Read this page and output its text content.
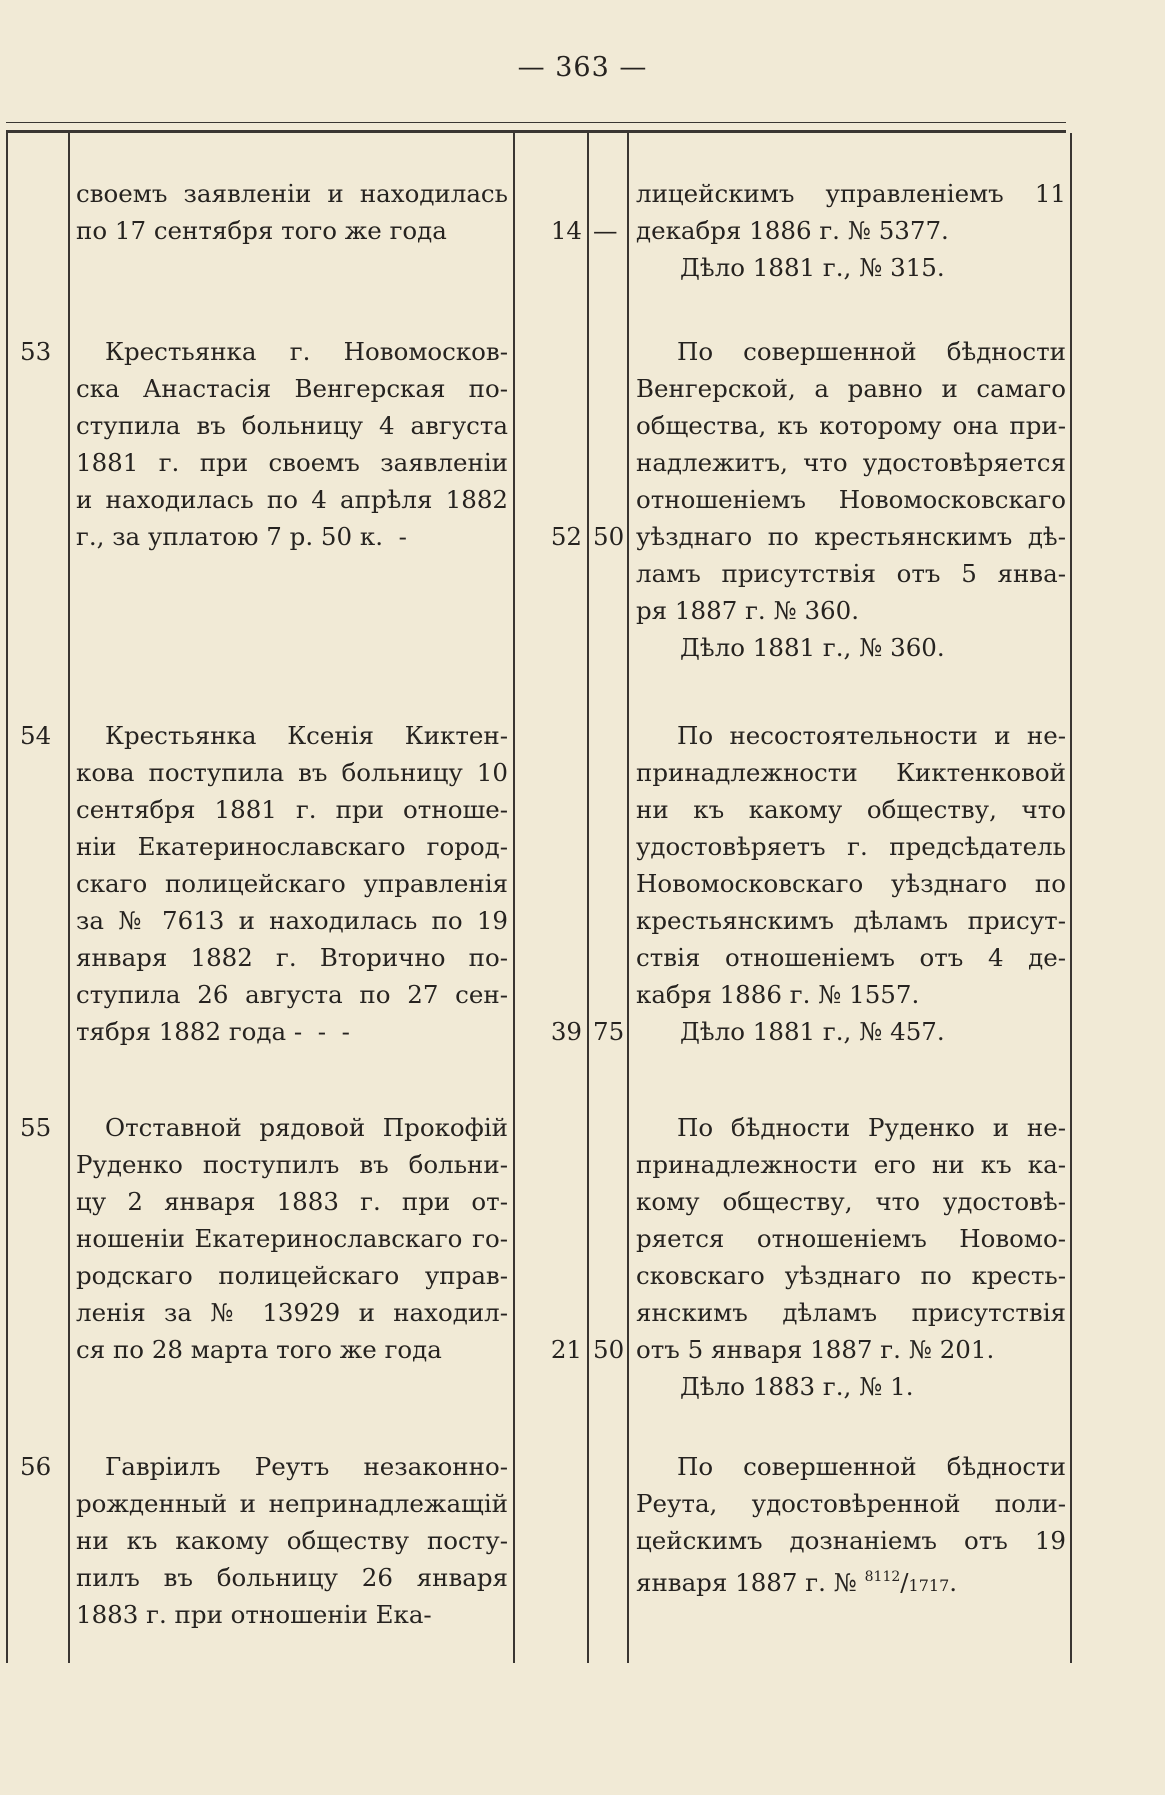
— 363 —
своемъ заявленіи и находилась
по 17 сентября того же года
лицейскимъ управленіемъ 11
декабря 1886 г. № 5377.
Дѣло 1881 г., № 315.
14 —
53 Крестьянка г. Новомосков-
ска Анастасія Венгерская по-
ступила въ больницу 4 августа
1881 г. при своемъ заявленіи
и находилась по 4 апрѣля 1882
г., за уплатою 7 р. 50 к.  -
По совершенной бѣдности
Венгерской, а равно и самаго
общества, къ которому она при-
надлежитъ, что удостовѣряется
отношеніемъ Новомосковскаго
уѣзднаго по крестьянскимъ дѣ-
ламъ присутствія отъ 5 янва-
ря 1887 г. № 360.
Дѣло 1881 г., № 360.
52 50
54 Крестьянка Ксенія Киктен-
кова поступила въ больницу 10
сентября 1881 г. при отноше-
ніи Екатеринославскаго город-
скаго полицейскаго управленія
за № 7613 и находилась по 19
января 1882 г. Вторично по-
ступила 26 августа по 27 сен-
тября 1882 года -  -  -
По несостоятельности и не-
принадлежности Киктенковой
ни къ какому обществу, что
удостовѣряетъ г. предсѣдатель
Новомосковскаго уѣзднаго по
крестьянскимъ дѣламъ присут-
ствія отношеніемъ отъ 4 де-
кабря 1886 г. № 1557.
Дѣло 1881 г., № 457.
39 75
55 Отставной рядовой Прокофій
Руденко поступилъ въ больни-
цу 2 января 1883 г. при от-
ношеніи Екатеринославскаго го-
родскаго полицейскаго управ-
ленія за № 13929 и находил-
ся по 28 марта того же года
По бѣдности Руденко и не-
принадлежности его ни къ ка-
кому обществу, что удостовѣ-
ряется отношеніемъ Новомо-
сковскаго уѣзднаго по кресть-
янскимъ дѣламъ присутствія
отъ 5 января 1887 г. № 201.
Дѣло 1883 г., № 1.
21 50
56 Гавріилъ Реутъ незаконно-
рожденный и непринадлежащій
ни къ какому обществу посту-
пилъ въ больницу 26 января
1883 г. при отношеніи Ека-
По совершенной бѣдности
Реута, удостовѣренной поли-
цейскимъ дознаніемъ отъ 19
января 1887 г. № $^{8112}$/1717.
